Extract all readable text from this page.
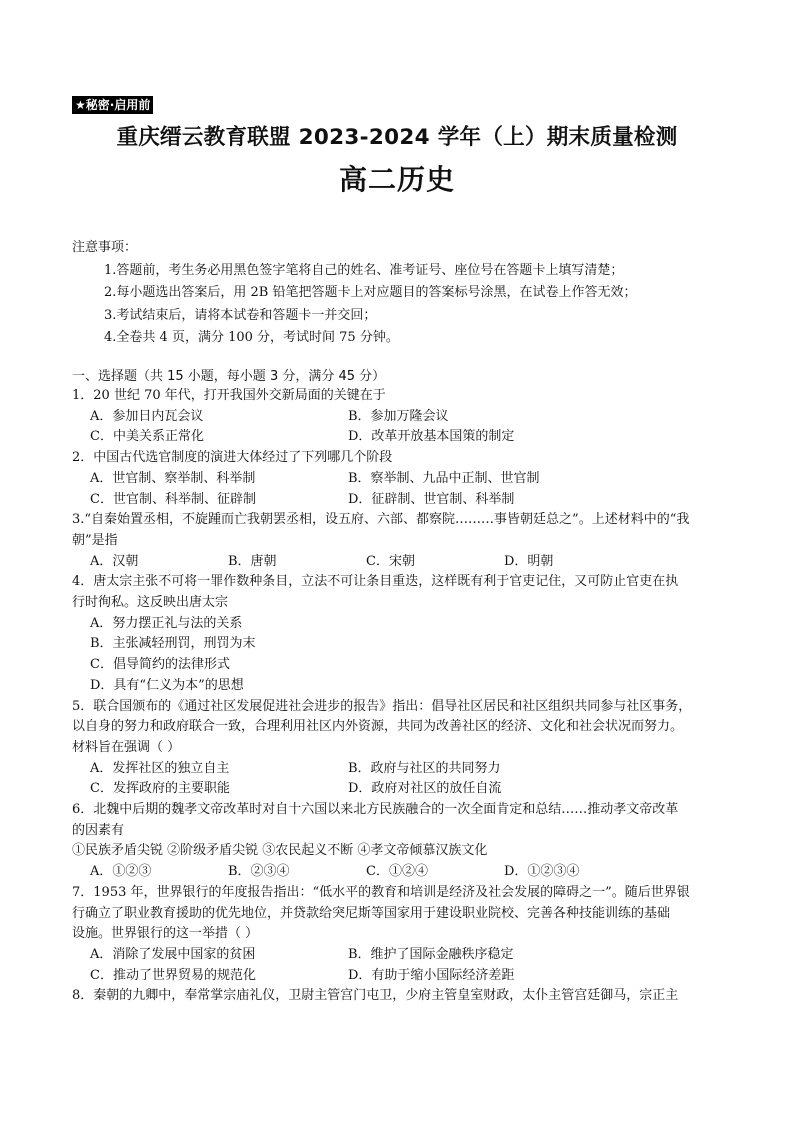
★秘密·启用前
重庆缙云教育联盟 2023-2024 学年（上）期末质量检测
高二历史
注意事项：
1.答题前，考生务必用黑色签字笔将自己的姓名、准考证号、座位号在答题卡上填写清楚；
2.每小题选出答案后，用 2B 铅笔把答题卡上对应题目的答案标号涂黑，在试卷上作答无效；
3.考试结束后，请将本试卷和答题卡一并交回；
4.全卷共 4 页，满分 100 分，考试时间 75 分钟。
一、选择题（共 15 小题，每小题 3 分，满分 45 分）
1．20 世纪 70 年代，打开我国外交新局面的关键在于
A．参加日内瓦会议	B．参加万隆会议
C．中美关系正常化	D．改革开放基本国策的制定
2．中国古代选官制度的演进大体经过了下列哪几个阶段
A．世官制、察举制、科举制	B．察举制、九品中正制、世官制
C．世官制、科举制、征辟制	D．征辟制、世官制、科举制
3.“自秦始置丞相，不旋踵而亡我朝罢丞相，设五府、六部、都察院………事皆朝廷总之”。上述材料中的“我
朝”是指
A．汉朝	B．唐朝	C．宋朝	D．明朝
4．唐太宗主张不可将一罪作数种条目，立法不可让条目重迭，这样既有利于官吏记住，又可防止官吏在执
行时徇私。这反映出唐太宗
A．努力摆正礼与法的关系
B．主张减轻刑罚，刑罚为末
C．倡导简约的法律形式
D．具有“仁义为本”的思想
5．联合国颁布的《通过社区发展促进社会进步的报告》指出：倡导社区居民和社区组织共同参与社区事务，
以自身的努力和政府联合一致，合理利用社区内外资源，共同为改善社区的经济、文化和社会状况而努力。
材料旨在强调（ ）
A．发挥社区的独立自主	B．政府与社区的共同努力
C．发挥政府的主要职能	D．政府对社区的放任自流
6．北魏中后期的魏孝文帝改革时对自十六国以来北方民族融合的一次全面肯定和总结……推动孝文帝改革
的因素有
①民族矛盾尖锐 ②阶级矛盾尖锐 ③农民起义不断 ④孝文帝倾慕汉族文化
A．①②③	B．②③④	C．①②④	D．①②③④
7．1953 年，世界银行的年度报告指出：“低水平的教育和培训是经济及社会发展的障碍之一”。随后世界银
行确立了职业教育援助的优先地位，并贷款给突尼斯等国家用于建设职业院校、完善各种技能训练的基础
设施。世界银行的这一举措（ ）
A．消除了发展中国家的贫困	B．维护了国际金融秩序稳定
C．推动了世界贸易的规范化	D．有助于缩小国际经济差距
8．秦朝的九卿中，奉常掌宗庙礼仪，卫尉主管宫门屯卫，少府主管皇室财政，太仆主管宫廷御马，宗正主
